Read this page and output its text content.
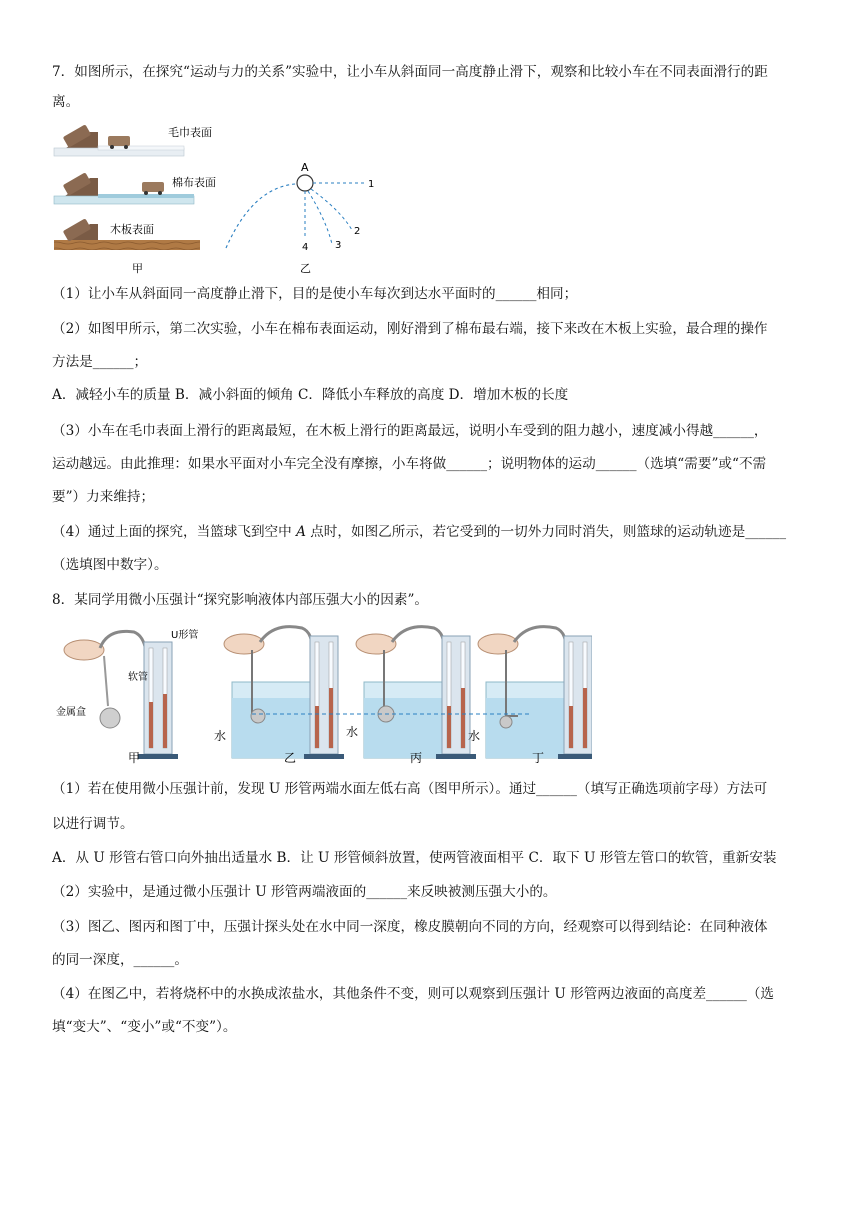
7．如图所示，在探究“运动与力的关系”实验中，让小车从斜面同一高度静止滑下，观察和比较小车在不同表面滑行的距
离。
毛巾表面
棉布表面
木板表面
甲
A
1
2
3
4
乙
（1）让小车从斜面同一高度静止滑下，目的是使小车每次到达水平面时的______相同；
（2）如图甲所示，第二次实验，小车在棉布表面运动，刚好滑到了棉布最右端，接下来改在木板上实验，最合理的操作
方法是______；
A．减轻小车的质量 B．减小斜面的倾角 C．降低小车释放的高度 D．增加木板的长度
（3）小车在毛巾表面上滑行的距离最短，在木板上滑行的距离最远，说明小车受到的阻力越小，速度减小得越______，
运动越远。由此推理：如果水平面对小车完全没有摩擦，小车将做______；说明物体的运动______（选填“需要”或“不需
要”）力来维持；
（4）通过上面的探究，当篮球飞到空中 A 点时，如图乙所示，若它受到的一切外力同时消失，则篮球的运动轨迹是______
（选填图中数字）。
8．某同学用微小压强计“探究影响液体内部压强大小的因素”。
U形管
软管
金属盒
甲
水
乙
水
丙
水
丁
（1）若在使用微小压强计前，发现 U 形管两端水面左低右高（图甲所示）。通过______（填写正确选项前字母）方法可
以进行调节。
A．从 U 形管右管口向外抽出适量水 B．让 U 形管倾斜放置，使两管液面相平 C．取下 U 形管左管口的软管，重新安装
（2）实验中，是通过微小压强计 U 形管两端液面的______来反映被测压强大小的。
（3）图乙、图丙和图丁中，压强计探头处在水中同一深度，橡皮膜朝向不同的方向，经观察可以得到结论：在同种液体
的同一深度，______。
（4）在图乙中，若将烧杯中的水换成浓盐水，其他条件不变，则可以观察到压强计 U 形管两边液面的高度差______（选
填“变大”、“变小”或“不变”）。
